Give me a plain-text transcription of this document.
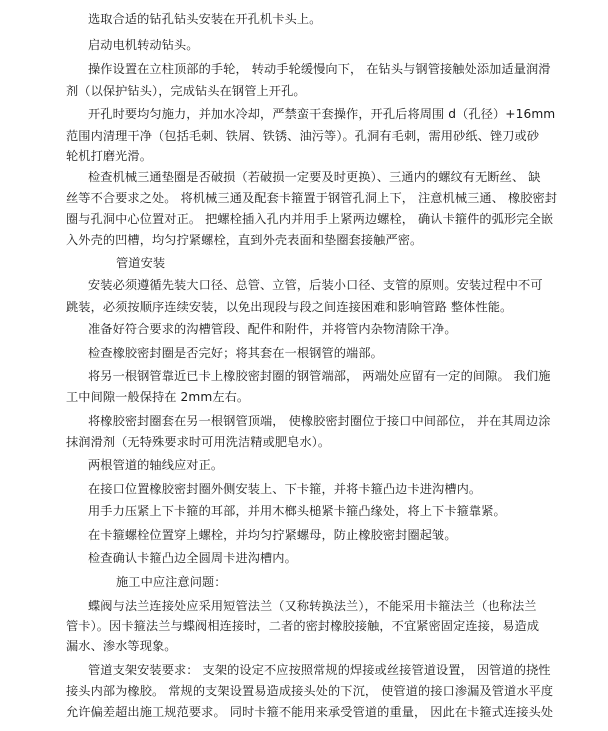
选取合适的钻孔钻头安装在开孔机卡头上。
启动电机转动钻头。
操作设置在立柱顶部的手轮， 转动手轮缓慢向下， 在钻头与钢管接触处添加适量润滑
剂（以保护钻头），完成钻头在钢管上开孔。
开孔时要均匀施力，并加水冷却，严禁蛮干套操作，开孔后将周围 d（孔径）+16mm
范围内清理干净（包括毛刺、铁屑、铁锈、油污等）。孔洞有毛刺，需用砂纸、锉刀或砂
轮机打磨光滑。
检查机械三通垫圈是否破损（若破损一定要及时更换）、三通内的螺纹有无断丝、 缺
丝等不合要求之处。 将机械三通及配套卡箍置于钢管孔洞上下， 注意机械三通、 橡胶密封
圈与孔洞中心位置对正。 把螺栓插入孔内并用手上紧两边螺栓， 确认卡箍件的弧形完全嵌
入外壳的凹槽，均匀拧紧螺栓，直到外壳表面和垫圈套接触严密。
管道安装
安装必须遵循先装大口径、总管、立管，后装小口径、支管的原则。安装过程中不可
跳装，必须按顺序连续安装，以免出现段与段之间连接困难和影响管路 整体性能。
准备好符合要求的沟槽管段、配件和附件，并将管内杂物清除干净。
检查橡胶密封圈是否完好；将其套在一根钢管的端部。
将另一根钢管靠近已卡上橡胶密封圈的钢管端部， 两端处应留有一定的间隙。 我们施
工中间隙一般保持在 2mm左右。
将橡胶密封圈套在另一根钢管顶端， 使橡胶密封圈位于接口中间部位， 并在其周边涂
抹润滑剂（无特殊要求时可用洗洁精或肥皂水）。
两根管道的轴线应对正。
在接口位置橡胶密封圈外侧安装上、下卡箍，并将卡箍凸边卡进沟槽内。
用手力压紧上下卡箍的耳部，并用木榔头槌紧卡箍凸缘处，将上下卡箍靠紧。
在卡箍螺栓位置穿上螺栓，并均匀拧紧螺母，防止橡胶密封圈起皱。
检查确认卡箍凸边全圆周卡进沟槽内。
施工中应注意问题：
蝶阀与法兰连接处应采用短管法兰（又称转换法兰），不能采用卡箍法兰（也称法兰
管卡）。因卡箍法兰与蝶阀相连接时，二者的密封橡胶接触，不宜紧密固定连接，易造成
漏水、渗水等现象。
管道支架安装要求： 支架的设定不应按照常规的焊接或丝接管道设置， 因管道的挠性
接头内部为橡胶。 常规的支架设置易造成接头处的下沉， 使管道的接口渗漏及管道水平度
允许偏差超出施工规范要求。 同时卡箍不能用来承受管道的重量， 因此在卡箍式连接头处
